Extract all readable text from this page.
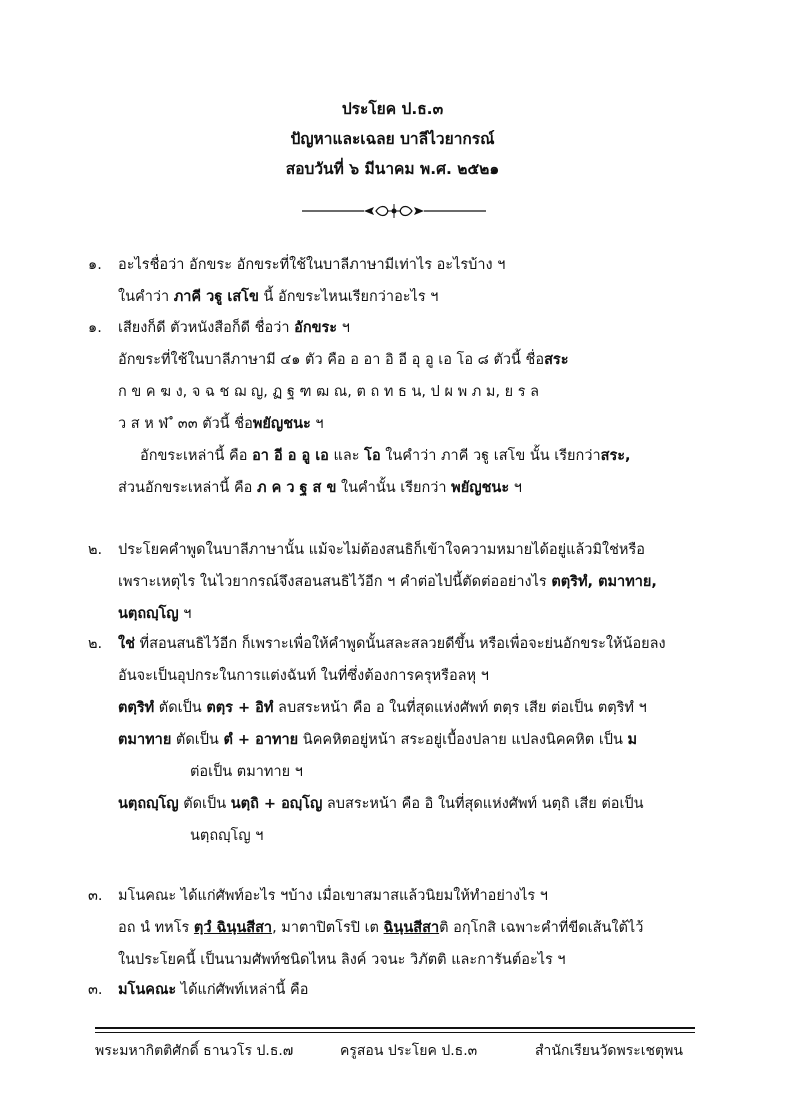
ประโยค ป.ธ.๓
ปัญหาและเฉลย บาลีไวยากรณ์
สอบวันที่ ๖ มีนาคม พ.ศ. ๒๕๒๑
๑. อะไรชื่อว่า อักขระ อักขระที่ใช้ในบาลีภาษามีเท่าไร อะไรบ้าง ฯ
ในคำว่า ภาคี วฐู เสโข นี้ อักขระไหนเรียกว่าอะไร ฯ
๑. เสียงก็ดี ตัวหนังสือก็ดี ชื่อว่า อักขระ ฯ
อักขระที่ใช้ในบาลีภาษามี ๔๑ ตัว คือ อ อา อิ อี อุ อู เอ โอ ๘ ตัวนี้ ชื่อสระ
ก ข ค ฆ ง, จ ฉ ช ฌ ญ, ฏ ฐ ฑ ฒ ณ, ต ถ ท ธ น, ป ผ พ ภ ม, ย ร ล
ว ส ห ฬ ํ ๓๓ ตัวนี้ ชื่อพยัญชนะ ฯ
อักขระเหล่านี้ คือ อา อี อ อู เอ และ โอ ในคำว่า ภาคี วฐู เสโข นั้น เรียกว่าสระ,
ส่วนอักขระเหล่านี้ คือ ภ ค ว ฐ ส ข ในคำนั้น เรียกว่า พยัญชนะ ฯ
๒. ประโยคคำพูดในบาลีภาษานั้น แม้จะไม่ต้องสนธิก็เข้าใจความหมายได้อยู่แล้วมิใช่หรือ
เพราะเหตุไร ในไวยากรณ์จึงสอนสนธิไว้อีก ฯ คำต่อไปนี้ตัดต่ออย่างไร ตตฺริทํ, ตมาทาย,
นตฺถญฺโญ ฯ
๒. ใช่ ที่สอนสนธิไว้อีก ก็เพราะเพื่อให้คำพูดนั้นสละสลวยดีขึ้น หรือเพื่อจะย่นอักขระให้น้อยลง
อันจะเป็นอุปกระในการแต่งฉันท์ ในที่ซึ่งต้องการครุหรือลหุ ฯ
ตตฺริทํ ตัดเป็น ตตฺร + อิทํ ลบสระหน้า คือ อ ในที่สุดแห่งศัพท์ ตตฺร เสีย ต่อเป็น ตตฺริทํ ฯ
ตมาทาย ตัดเป็น ตํ + อาทาย นิคคหิตอยู่หน้า สระอยู่เบื้องปลาย แปลงนิคคหิต เป็น ม
ต่อเป็น ตมาทาย ฯ
นตฺถญฺโญ ตัดเป็น นตฺถิ + อญฺโญ ลบสระหน้า คือ อิ ในที่สุดแห่งศัพท์ นตฺถิ เสีย ต่อเป็น
นตฺถญฺโญ ฯ
๓. มโนคณะ ได้แก่ศัพท์อะไร ฯบ้าง เมื่อเขาสมาสแล้วนิยมให้ทำอย่างไร ฯ
อถ นํ ทหโร ตฺวํ ฉินฺนสีสา, มาตาปิตโรปิ เต ฉินฺนสีสาติ อกฺโกสิ เฉพาะคำที่ขีดเส้นใต้ไว้
ในประโยคนี้ เป็นนามศัพท์ชนิดไหน ลิงค์ วจนะ วิภัตติ และการันต์อะไร ฯ
๓. มโนคณะ ได้แก่ศัพท์เหล่านี้ คือ
พระมหากิตติศักดิ์ ธานวโร ป.ธ.๗	ครูสอน ประโยค ป.ธ.๓	สำนักเรียนวัดพระเชตุพน
